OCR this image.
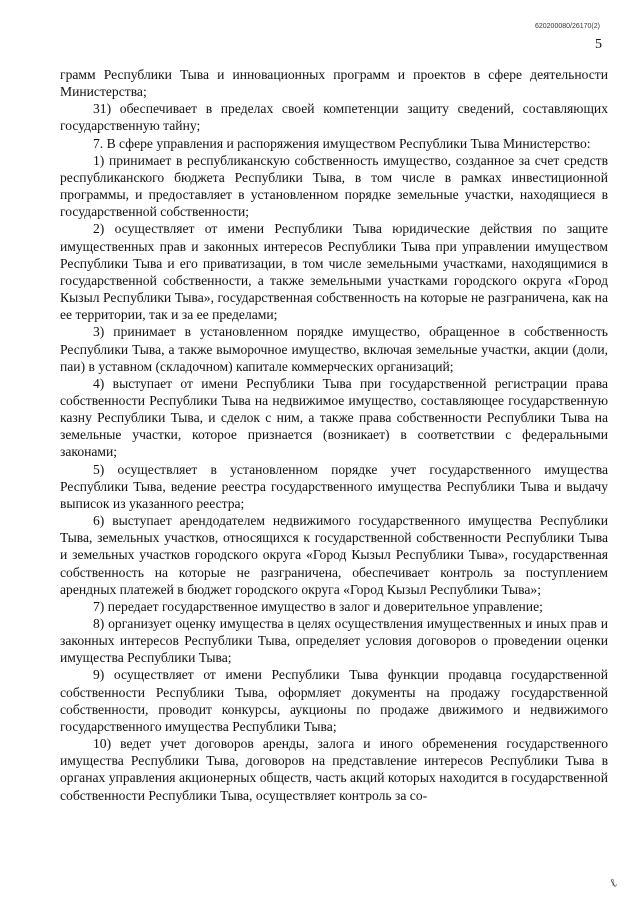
620200080/26170(2)
5

грамм Республики Тыва и инновационных программ и проектов в сфере деятельности Министерства;

31) обеспечивает в пределах своей компетенции защиту сведений, составляющих государственную тайну;

7. В сфере управления и распоряжения имуществом Республики Тыва Министерство:

1) принимает в республиканскую собственность имущество, созданное за счет средств республиканского бюджета Республики Тыва, в том числе в рамках инвестиционной программы, и предоставляет в установленном порядке земельные участки, находящиеся в государственной собственности;

2) осуществляет от имени Республики Тыва юридические действия по защите имущественных прав и законных интересов Республики Тыва при управлении имуществом Республики Тыва и его приватизации, в том числе земельными участками, находящимися в государственной собственности, а также земельными участками городского округа «Город Кызыл Республики Тыва», государственная собственность на которые не разграничена, как на ее территории, так и за ее пределами;

3) принимает в установленном порядке имущество, обращенное в собственность Республики Тыва, а также выморочное имущество, включая земельные участки, акции (доли, паи) в уставном (складочном) капитале коммерческих организаций;

4) выступает от имени Республики Тыва при государственной регистрации права собственности Республики Тыва на недвижимое имущество, составляющее государственную казну Республики Тыва, и сделок с ним, а также права собственности Республики Тыва на земельные участки, которое признается (возникает) в соответствии с федеральными законами;

5) осуществляет в установленном порядке учет государственного имущества Республики Тыва, ведение реестра государственного имущества Республики Тыва и выдачу выписок из указанного реестра;

6) выступает арендодателем недвижимого государственного имущества Республики Тыва, земельных участков, относящихся к государственной собственности Республики Тыва и земельных участков городского округа «Город Кызыл Республики Тыва», государственная собственность на которые не разграничена, обеспечивает контроль за поступлением арендных платежей в бюджет городского округа «Город Кызыл Республики Тыва»;

7) передает государственное имущество в залог и доверительное управление;

8) организует оценку имущества в целях осуществления имущественных и иных прав и законных интересов Республики Тыва, определяет условия договоров о проведении оценки имущества Республики Тыва;

9) осуществляет от имени Республики Тыва функции продавца государственной собственности Республики Тыва, оформляет документы на продажу государственной собственности, проводит конкурсы, аукционы по продаже движимого и недвижимого государственного имущества Республики Тыва;

10) ведет учет договоров аренды, залога и иного обременения государственного имущества Республики Тыва, договоров на представление интересов Республики Тыва в органах управления акционерных обществ, часть акций которых находится в государственной собственности Республики Тыва, осуществляет контроль за со-

ℓ
